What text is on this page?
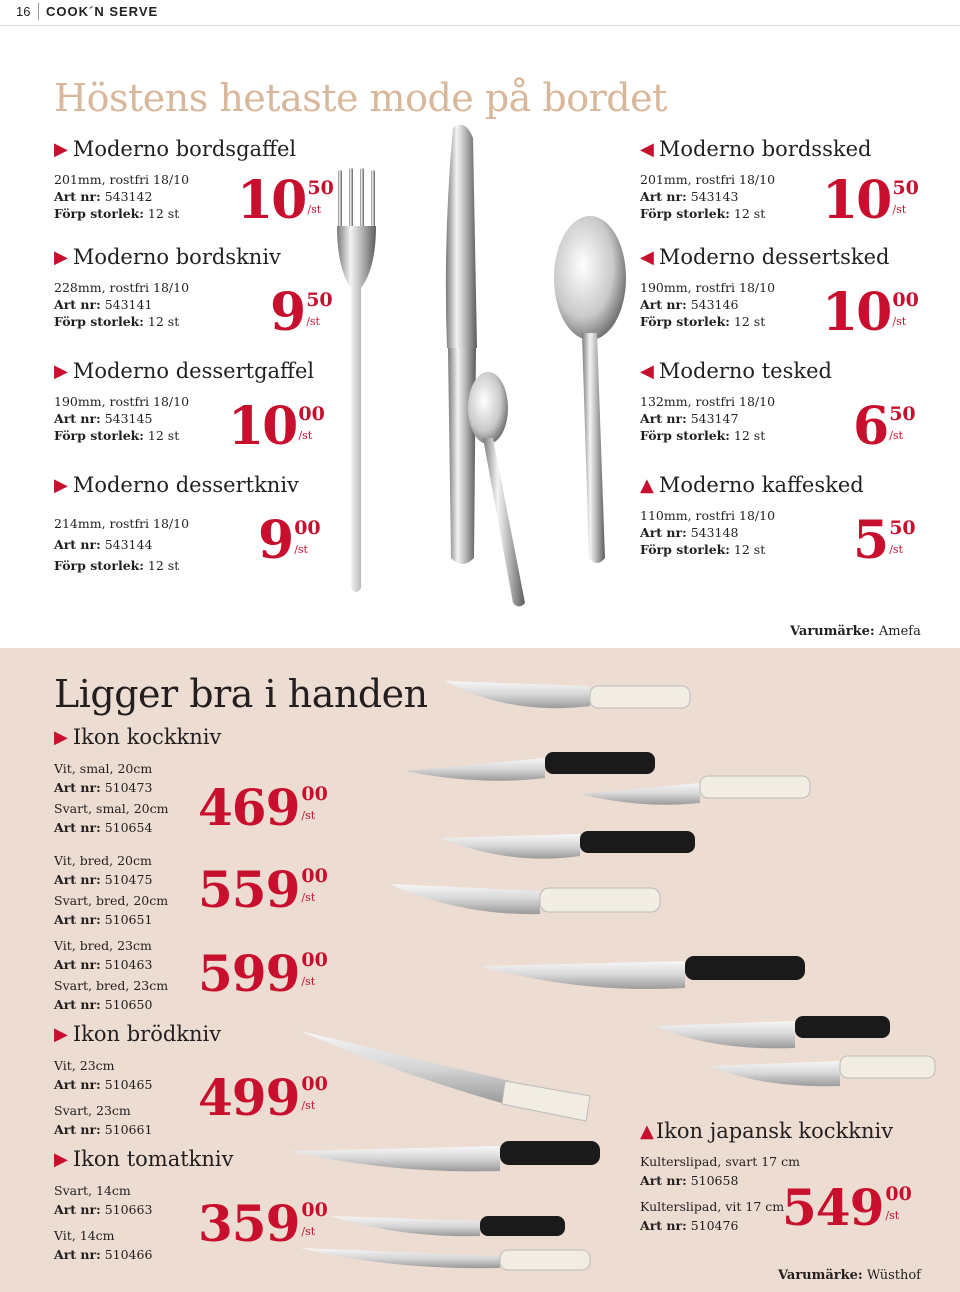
16 COOK´N SERVE
Höstens hetaste mode på bordet
▶ Moderno bordsgaffel
201mm, rostfri 18/10
Art nr: 543142
Förp storlek: 12 st	10 50
/st
▶ Moderno bordskniv
228mm, rostfri 18/10
Art nr: 543141
Förp storlek: 12 st	9 50
/st
▶ Moderno dessertgaffel
190mm, rostfri 18/10
Art nr: 543145
Förp storlek: 12 st 10 00
/st
▶ Moderno dessertkniv
214mm, rostfri 18/10
Art nr: 543144
Förp storlek: 12 st	9 00
/st
◀ Moderno bordssked
201mm, rostfri 18/10
Art nr: 543143
Förp storlek: 12 st	10 50
/st
◀ Moderno dessertsked
190mm, rostfri 18/10
Art nr: 543146
Förp storlek: 12 st	10 00
/st
◀ Moderno tesked
132mm, rostfri 18/10
Art nr: 543147
Förp storlek: 12 st	6 50
/st
▲ Moderno kaffesked
110mm, rostfri 18/10
Art nr: 543148
Förp storlek: 12 st	5 50
/st
Varumärke: Amefa
Ligger bra i handen
▶ Ikon kockkniv
Vit, smal, 20cm
Art nr: 510473
Svart, smal, 20cm
Art nr: 510654 469 00
/st
Vit, bred, 20cm
Art nr: 510475
Svart, bred, 20cm
Art nr: 510651
559 00
/st
Vit, bred, 23cm
Art nr: 510463
Svart, bred, 23cm
Art nr: 510650
599 00
/st
▶ Ikon brödkniv
Vit, 23cm
Art nr: 510465
Svart, 23cm
Art nr: 510661
499 00
/st
▶ Ikon tomatkniv
Svart, 14cm
Art nr: 510663
Vit, 14cm
Art nr: 510466
359 00
/st
▲Ikon japansk kockkniv
Kulterslipad, svart 17 cm
Art nr: 510658
Kulterslipad, vit 17 cm
Art nr: 510476 549 00
/st
Varumärke: Wüsthof
